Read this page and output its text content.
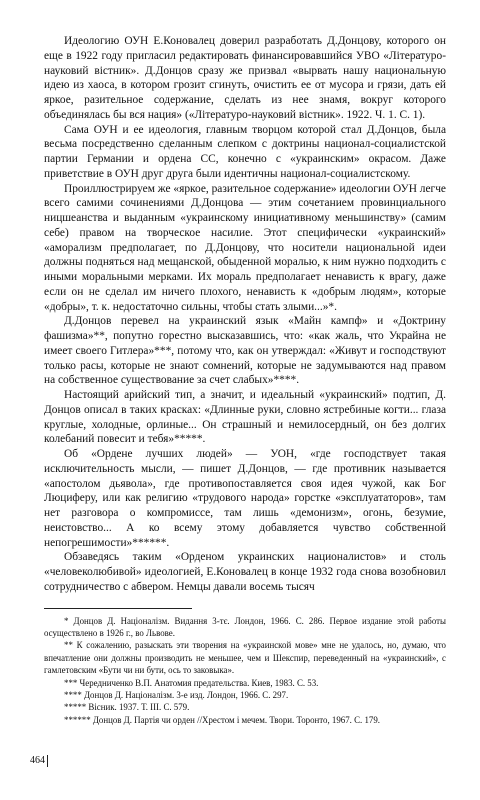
Идеологию ОУН Е.Коновалец доверил разработать Д.Донцову, которого он еще в 1922 году пригласил редактировать финансировавшийся УВО «Літературо-науковий вістник». Д.Донцов сразу же призвал «вырвать нашу национальную идею из хаоса, в котором грозит сгинуть, очистить ее от мусора и грязи, дать ей яркое, разительное содержание, сделать из нее знамя, вокруг которого объединялась бы вся нация» («Літературо-науковий вістник». 1922. Ч. 1. С. 1).

Сама ОУН и ее идеология, главным творцом которой стал Д.Донцов, была весьма посредственно сделанным слепком с доктрины национал-социалистской партии Германии и ордена СС, конечно с «украинским» окрасом. Даже приветствие в ОУН друг друга были идентичны национал-социалистскому.

Проиллюстрируем же «яркое, разительное содержание» идеологии ОУН легче всего самими сочинениями Д.Донцова — этим сочетанием провинциального ницшеанства и выданным «украинскому инициативному меньшинству» (самим себе) правом на творческое насилие. Этот специфически «украинский» «аморализм предполагает, по Д.Донцову, что носители национальной идеи должны подняться над мещанской, обыденной моралью, к ним нужно подходить с иными моральными мерками. Их мораль предполагает ненависть к врагу, даже если он не сделал им ничего плохого, ненависть к «добрым людям», которые «добры», т. к. недостаточно сильны, чтобы стать злыми...»*.

Д.Донцов перевел на украинский язык «Майн кампф» и «Доктрину фашизма»**, попутно горестно высказавшись, что: «как жаль, что Украйна не имеет своего Гитлера»***, потому что, как он утверждал: «Живут и господствуют только расы, которые не знают сомнений, которые не задумываются над правом на собственное существование за счет слабых»****.

Настоящий арийский тип, а значит, и идеальный «украинский» подтип, Д. Донцов описал в таких красках: «Длинные руки, словно ястребиные когти... глаза круглые, холодные, орлиные... Он страшный и немилосердный, он без долгих колебаний повесит и тебя»*****.

Об «Ордене лучших людей» — УОН, «где господствует такая исключительность мысли, — пишет Д.Донцов, — где противник называется «апостолом дьявола», где противопоставляется своя идея чужой, как Бог Люциферу, или как религию «трудового народа» горстке «эксплуататоров», там нет разговора о компромиссе, там лишь «демонизм», огонь, безумие, неистовство... А ко всему этому добавляется чувство собственной непогрешимости»******.

Обзаведясь таким «Орденом украинских националистов» и столь «человеколюбивой» идеологией, Е.Коновалец в конце 1932 года снова возобновил сотрудничество с абвером. Немцы давали восемь тысяч

* Донцов Д. Націоналізм. Видання 3-тє. Лондон, 1966. С. 286. Первое издание этой работы осуществлено в 1926 г., во Львове.

** К сожалению, разыскать эти творения на «украинской мове» мне не удалось, но, думаю, что впечатление они должны производить не меньшее, чем и Шекспир, переведенный на «украинский», с гамлетовским «Бути чи ни бути, ось то заковыка».

*** Чередниченко В.П. Анатомия предательства. Киев, 1983. С. 53.

**** Донцов Д. Націоналізм. 3-е изд. Лондон, 1966. С. 297.

***** Вісник. 1937. Т. III. С. 579.

****** Донцов Д. Партія чи орден //Хрестом і мечем. Твори. Торонто, 1967. С. 179.

464
